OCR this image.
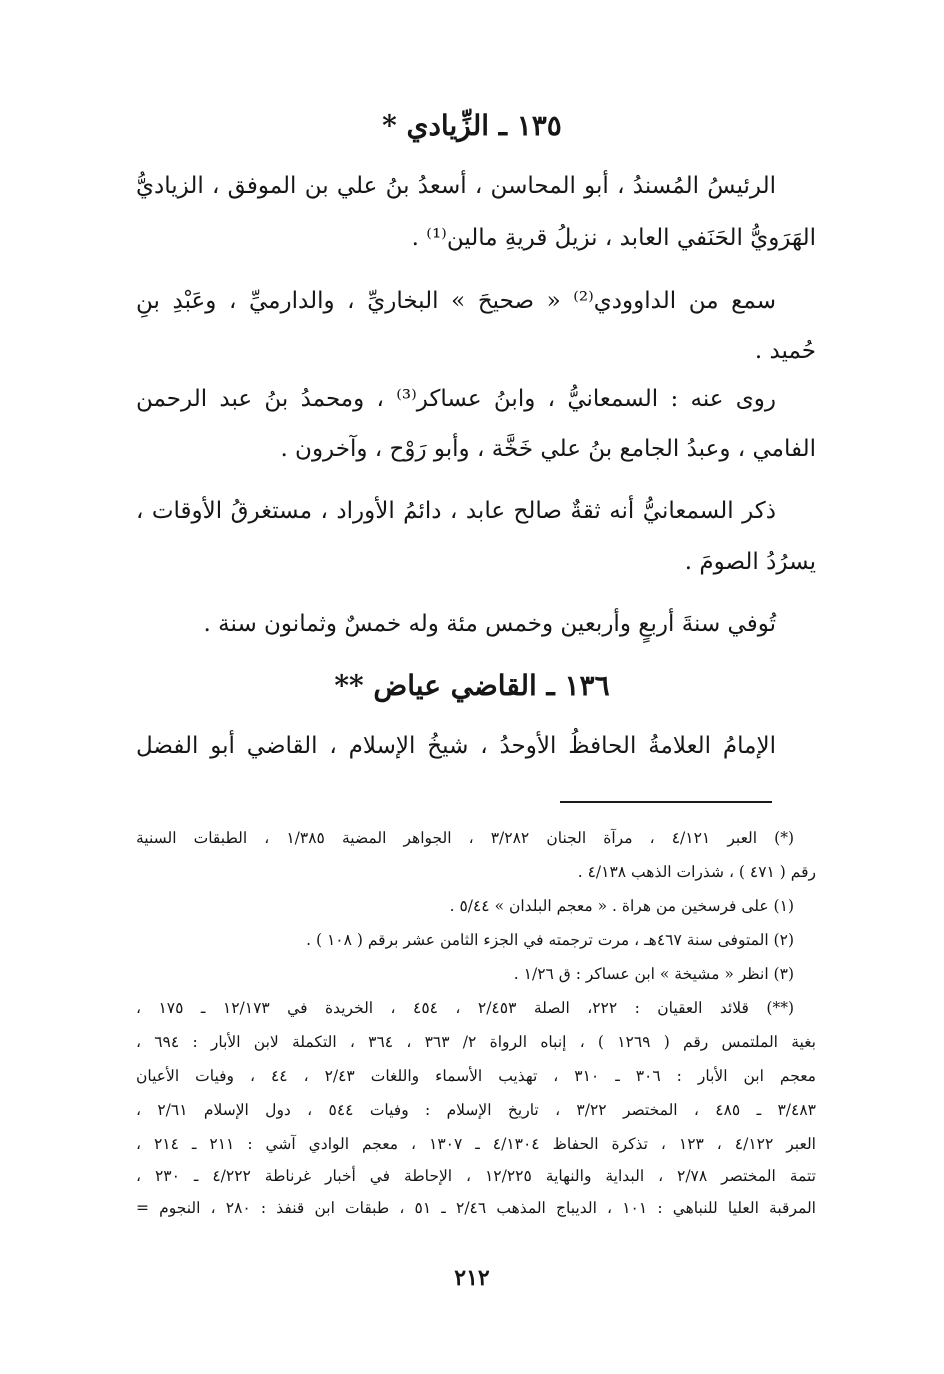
١٣٥ ـ الزِّيادي *
الرئيسُ المُسندُ ، أبو المحاسن ، أسعدُ بنُ علي بن الموفق ، الزياديُّ
الهَرَويُّ الحَنَفي العابد ، نزيلُ قريةِ مالين⁽¹⁾ .
سمع من الداوودي⁽²⁾ « صحيحَ » البخاريِّ ، والدارميِّ ، وعَبْدِ بنِ
حُميد .
روى عنه : السمعانيُّ ، وابنُ عساكر⁽³⁾ ، ومحمدُ بنُ عبد الرحمن
الفامي ، وعبدُ الجامع بنُ علي خَخَّة ، وأبو رَوْح ، وآخرون .
ذكر السمعانيُّ أنه ثقةٌ صالح عابد ، دائمُ الأوراد ، مستغرقُ الأوقات ،
يسرُدُ الصومَ .
تُوفي سنةَ أربعٍ وأربعين وخمس مئة وله خمسٌ وثمانون سنة .
١٣٦ ـ القاضي عياض **
الإمامُ العلامةُ الحافظُ الأوحدُ ، شيخُ الإسلام ، القاضي أبو الفضل
(*) العبر ٤/١٢١ ، مرآة الجنان ٣/٢٨٢ ، الجواهر المضية ١/٣٨٥ ، الطبقات السنية
رقم ( ٤٧١ ) ، شذرات الذهب ٤/١٣٨ .
(١) على فرسخين من هراة . « معجم البلدان » ٥/٤٤ .
(٢) المتوفى سنة ٤٦٧هـ ، مرت ترجمته في الجزء الثامن عشر برقم ( ١٠٨ ) .
(٣) انظر « مشيخة » ابن عساكر : ق ١/٢٦ .
(**) قلائد العقيان : ٢٢٢، الصلة ٢/٤٥٣ ، ٤٥٤ ، الخريدة في ١٢/١٧٣ ـ ١٧٥ ،
بغية الملتمس رقم ( ١٢٦٩ ) ، إنباه الرواة ٢/ ٣٦٣ ، ٣٦٤ ، التكملة لابن الأبار : ٦٩٤ ،
معجم ابن الأبار : ٣٠٦ ـ ٣١٠ ، تهذيب الأسماء واللغات ٢/٤٣ ، ٤٤ ، وفيات الأعيان
٣/٤٨٣ ـ ٤٨٥ ، المختصر ٣/٢٢ ، تاريخ الإسلام : وفيات ٥٤٤ ، دول الإسلام ٢/٦١ ،
العبر ٤/١٢٢ ، ١٢٣ ، تذكرة الحفاظ ٤/١٣٠٤ ـ ١٣٠٧ ، معجم الوادي آشي : ٢١١ ـ ٢١٤ ،
تتمة المختصر ٢/٧٨ ، البداية والنهاية ١٢/٢٢٥ ، الإحاطة في أخبار غرناطة ٤/٢٢٢ ـ ٢٣٠ ،
المرقبة العليا للنباهي : ١٠١ ، الديباج المذهب ٢/٤٦ ـ ٥١ ، طبقات ابن قنفذ : ٢٨٠ ، النجوم =
٢١٢
